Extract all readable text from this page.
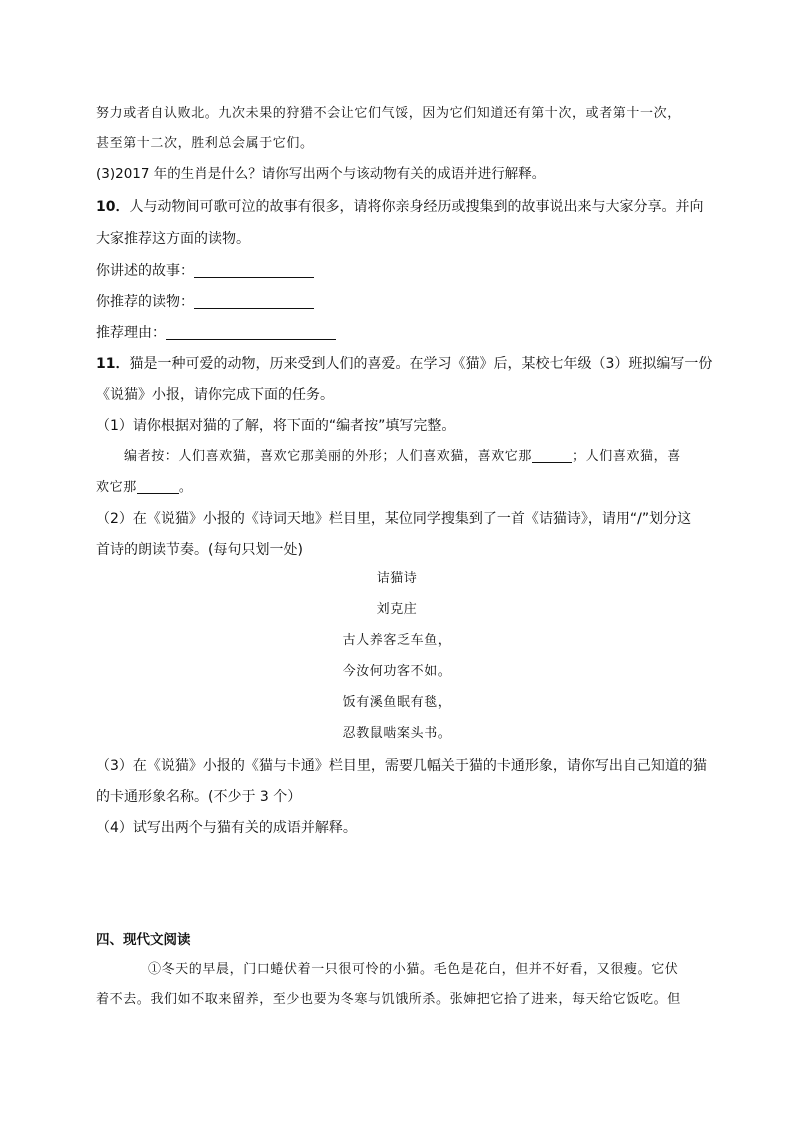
努力或者自认败北。九次未果的狩猎不会让它们气馁，因为它们知道还有第十次，或者第十一次，
甚至第十二次，胜利总会属于它们。
(3)2017 年的生肖是什么？请你写出两个与该动物有关的成语并进行解释。
10．人与动物间可歌可泣的故事有很多，请将你亲身经历或搜集到的故事说出来与大家分享。并向
大家推荐这方面的读物。
你讲述的故事：
你推荐的读物：
推荐理由：
11．猫是一种可爱的动物，历来受到人们的喜爱。在学习《猫》后，某校七年级（3）班拟编写一份
《说猫》小报，请你完成下面的任务。
（1）请你根据对猫的了解，将下面的“编者按”填写完整。
编者按：人们喜欢猫，喜欢它那美丽的外形；人们喜欢猫，喜欢它那	；人们喜欢猫，喜
欢它那	。
（2）在《说猫》小报的《诗词天地》栏目里，某位同学搜集到了一首《诘猫诗》，请用“/”划分这
首诗的朗读节奏。(每句只划一处)
诘猫诗
刘克庄
古人养客乏车鱼，
今汝何功客不如。
饭有溪鱼眠有毯，
忍教鼠啮案头书。
（3）在《说猫》小报的《猫与卡通》栏目里，需要几幅关于猫的卡通形象，请你写出自己知道的猫
的卡通形象名称。(不少于 3 个）
（4）试写出两个与猫有关的成语并解释。
四、现代文阅读
①冬天的早晨，门口蜷伏着一只很可怜的小猫。毛色是花白，但并不好看，又很瘦。它伏
着不去。我们如不取来留养，至少也要为冬寒与饥饿所杀。张婶把它拾了进来，每天给它饭吃。但
